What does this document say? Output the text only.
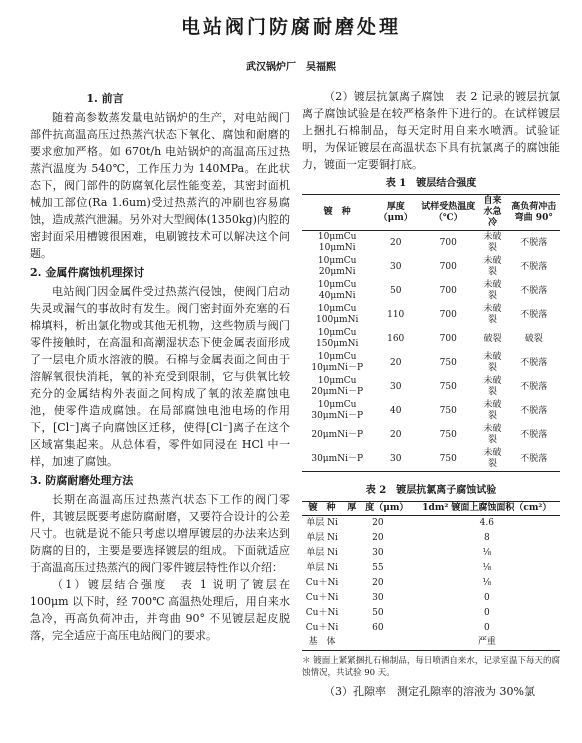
电站阀门防腐耐磨处理
武汉锅炉厂　吴福熙
1. 前言
随着高参数蒸发量电站锅炉的生产，对电站阀门部件抗高温高压过热蒸汽状态下氧化、腐蚀和耐磨的要求愈加严格。如 670t/h 电站锅炉的高温高压过热蒸汽温度为 540℃，工作压力为 140MPa。在此状态下，阀门部件的防腐氧化层性能变差，其密封面机械加工部位(Ra 1.6um)受过热蒸汽的冲刷也容易腐蚀，造成蒸汽泄漏。另外对大型阀体(1350kg)内腔的密封面采用槽镀很困难，电刷镀技术可以解决这个问题。
2. 金属件腐蚀机理探讨
电站阀门因金属件受过热蒸汽侵蚀，使阀门启动失灵或漏气的事故时有发生。阀门密封面外充塞的石棉填料，析出氯化物或其他无机物，这些物质与阀门零件接触时，在高温和高潮湿状态下使金属表面形成了一层电介质水溶液的膜。石棉与金属表面之间由于溶解氧很快消耗，氧的补充受到限制，它与供氧比较充分的金属结构外表面之间构成了氧的浓差腐蚀电池，使零件造成腐蚀。在局部腐蚀电池电场的作用下，[Cl⁻]离子向腐蚀区迁移，使得[Cl⁻]离子在这个区域富集起来。从总体看，零件如同浸在 HCl 中一样，加速了腐蚀。
3. 防腐耐磨处理方法
长期在高温高压过热蒸汽状态下工作的阀门零件，其镀层既要考虑防腐耐磨，又要符合设计的公差尺寸。也就是说不能只考虑以增厚镀层的办法来达到防腐的目的，主要是要选择镀层的组成。下面就适应于高温高压过热蒸汽的阀门零件镀层特性作以介绍：
（1）镀层结合强度　表 1 说明了镀层在 100μm 以下时，经 700℃ 高温热处理后，用自来水急冷，再高负荷冲击，并弯曲 90° 不见镀层起皮脱落，完全适应于高压电站阀门的要求。
（2）镀层抗氯离子腐蚀　表 2 记录的镀层抗氯离子腐蚀试验是在较严格条件下进行的。在试样镀层上捆扎石棉制品，每天定时用自来水喷洒。试验证明，为保证镀层在高温状态下具有抗氯离子的腐蚀能力，镀面一定要铜打底。
表 1　镀层结合强度
镀　种	厚度（μm）	试样受热温度（℃）	自来水急冷	高负荷冲击弯曲 90°
10μmCu 10μmNi	20	700	未破裂	不脱落
10μmCu 20μmNi	30	700	未破裂	不脱落
10μmCu 40μmNi	50	700	未破裂	不脱落
10μmCu 100μmNi	110	700	未破裂	不脱落
10μmCu 150μmNi	160	700	破裂	破裂
10μmCu 10μmNi－P	20	750	未破裂	不脱落
10μmCu 20μmNi－P	30	750	未破裂	不脱落
10μmCu 30μmNi－P	40	750	未破裂	不脱落
20μmNi－P	20	750	未破裂	不脱落
30μmNi－P	30	750	未破裂	不脱落
表 2　镀层抗氯离子腐蚀试验
镀　种	厚　度（μm）	1dm² 镀面上腐蚀面积（cm²）
单层 Ni	20	4.6
单层 Ni	20	8
单层 Ni	30	⅛
单层 Ni	55	⅛
Cu＋Ni	20	⅛
Cu＋Ni	30	0
Cu＋Ni	50	0
Cu＋Ni	60	0
基　体		严重
＊ 镀面上紧紧捆扎石棉制品，每日喷洒自来水，记录室温下每天的腐蚀情况，共试验 90 天。
（3）孔隙率　测定孔隙率的溶液为 30%氯
